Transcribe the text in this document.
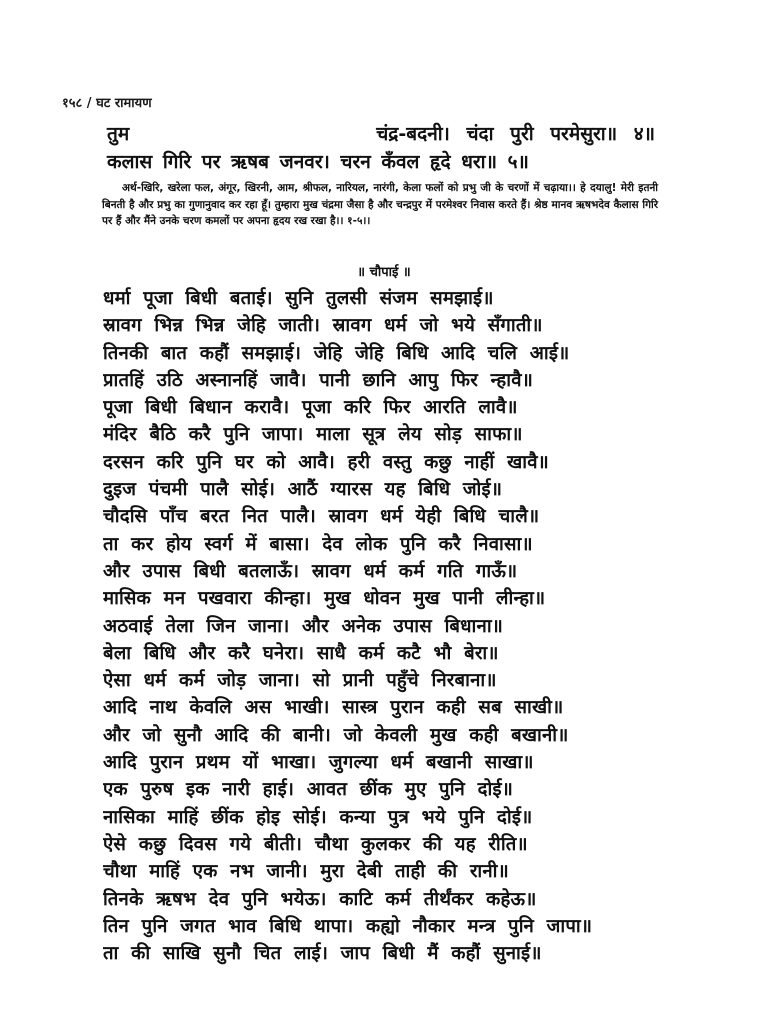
१५८ / घट रामायण
तुम	चंद्र-बदनी। चंदा पुरी परमेसुरा॥ ४॥
कलास गिरि पर ऋषब जनवर। चरन कँवल हृदे धरा॥ ५॥

अर्थ-खिरि, खरेला फल, अंगूर, खिरनी, आम, श्रीफल, नारियल, नारंगी, केला फलों को प्रभु जी के चरणों में चढ़ाया।। हे दयालु! मेरी इतनी बिनती है और प्रभु का गुणानुवाद कर रहा हूँ। तुम्हारा मुख चंद्रमा जैसा है और चन्द्रपुर में परमेश्वर निवास करते हैं। श्रेष्ठ मानव ऋषभदेव कैलास गिरि पर हैं और मैंने उनके चरण कमलों पर अपना हृदय रख रखा है।। १-५।।

॥ चौपाई ॥
धर्मा पूजा बिधी बताई। सुनि तुलसी संजम समझाई॥
स्रावग भिन्न भिन्न जेहि जाती। स्रावग धर्म जो भये सँगाती॥
तिनकी बात कहौं समझाई। जेहि जेहि बिधि आदि चलि आई॥
प्रातहिं उठि अस्नानहिं जावै। पानी छानि आपु फिर न्हावै॥
पूजा बिधी बिधान करावै। पूजा करि फिर आरति लावै॥
मंदिर बैठि करै पुनि जापा। माला सूत्र लेय सोड़ साफा॥
दरसन करि पुनि घर को आवै। हरी वस्तु कछु नाहीं खावै॥
दुइज पंचमी पालै सोई। आठैं ग्यारस यह बिधि जोई॥
चौदसि पाँच बरत नित पालै। स्रावग धर्म येही बिधि चालै॥
ता कर होय स्वर्ग में बासा। देव लोक पुनि करै निवासा॥
और उपास बिधी बतलाऊँ। स्रावग धर्म कर्म गति गाऊँ॥
मासिक मन पखवारा कीन्हा। मुख धोवन मुख पानी लीन्हा॥
अठवाई तेला जिन जाना। और अनेक उपास बिधाना॥
बेला बिधि और करै घनेरा। साधै कर्म कटै भौ बेरा॥
ऐसा धर्म कर्म जोड़ जाना। सो प्रानी पहुँचे निरबाना॥
आदि नाथ केवलि अस भाखी। सास्त्र पुरान कही सब साखी॥
और जो सुनौ आदि की बानी। जो केवली मुख कही बखानी॥
आदि पुरान प्रथम यों भाखा। जुगल्या धर्म बखानी साखा॥
एक पुरुष इक नारी हाई। आवत छींक मुए पुनि दोई॥
नासिका माहिं छींक होइ सोई। कन्या पुत्र भये पुनि दोई॥
ऐसे कछु दिवस गये बीती। चौथा कुलकर की यह रीति॥
चौथा माहिं एक नभ जानी। मुरा देबी ताही की रानी॥
तिनके ऋषभ देव पुनि भयेऊ। काटि कर्म तीर्थंकर कहेऊ॥
तिन पुनि जगत भाव बिधि थापा। कह्यो नौकार मन्त्र पुनि जापा॥
ता की साखि सुनौ चित लाई। जाप बिधी मैं कहौं सुनाई॥
